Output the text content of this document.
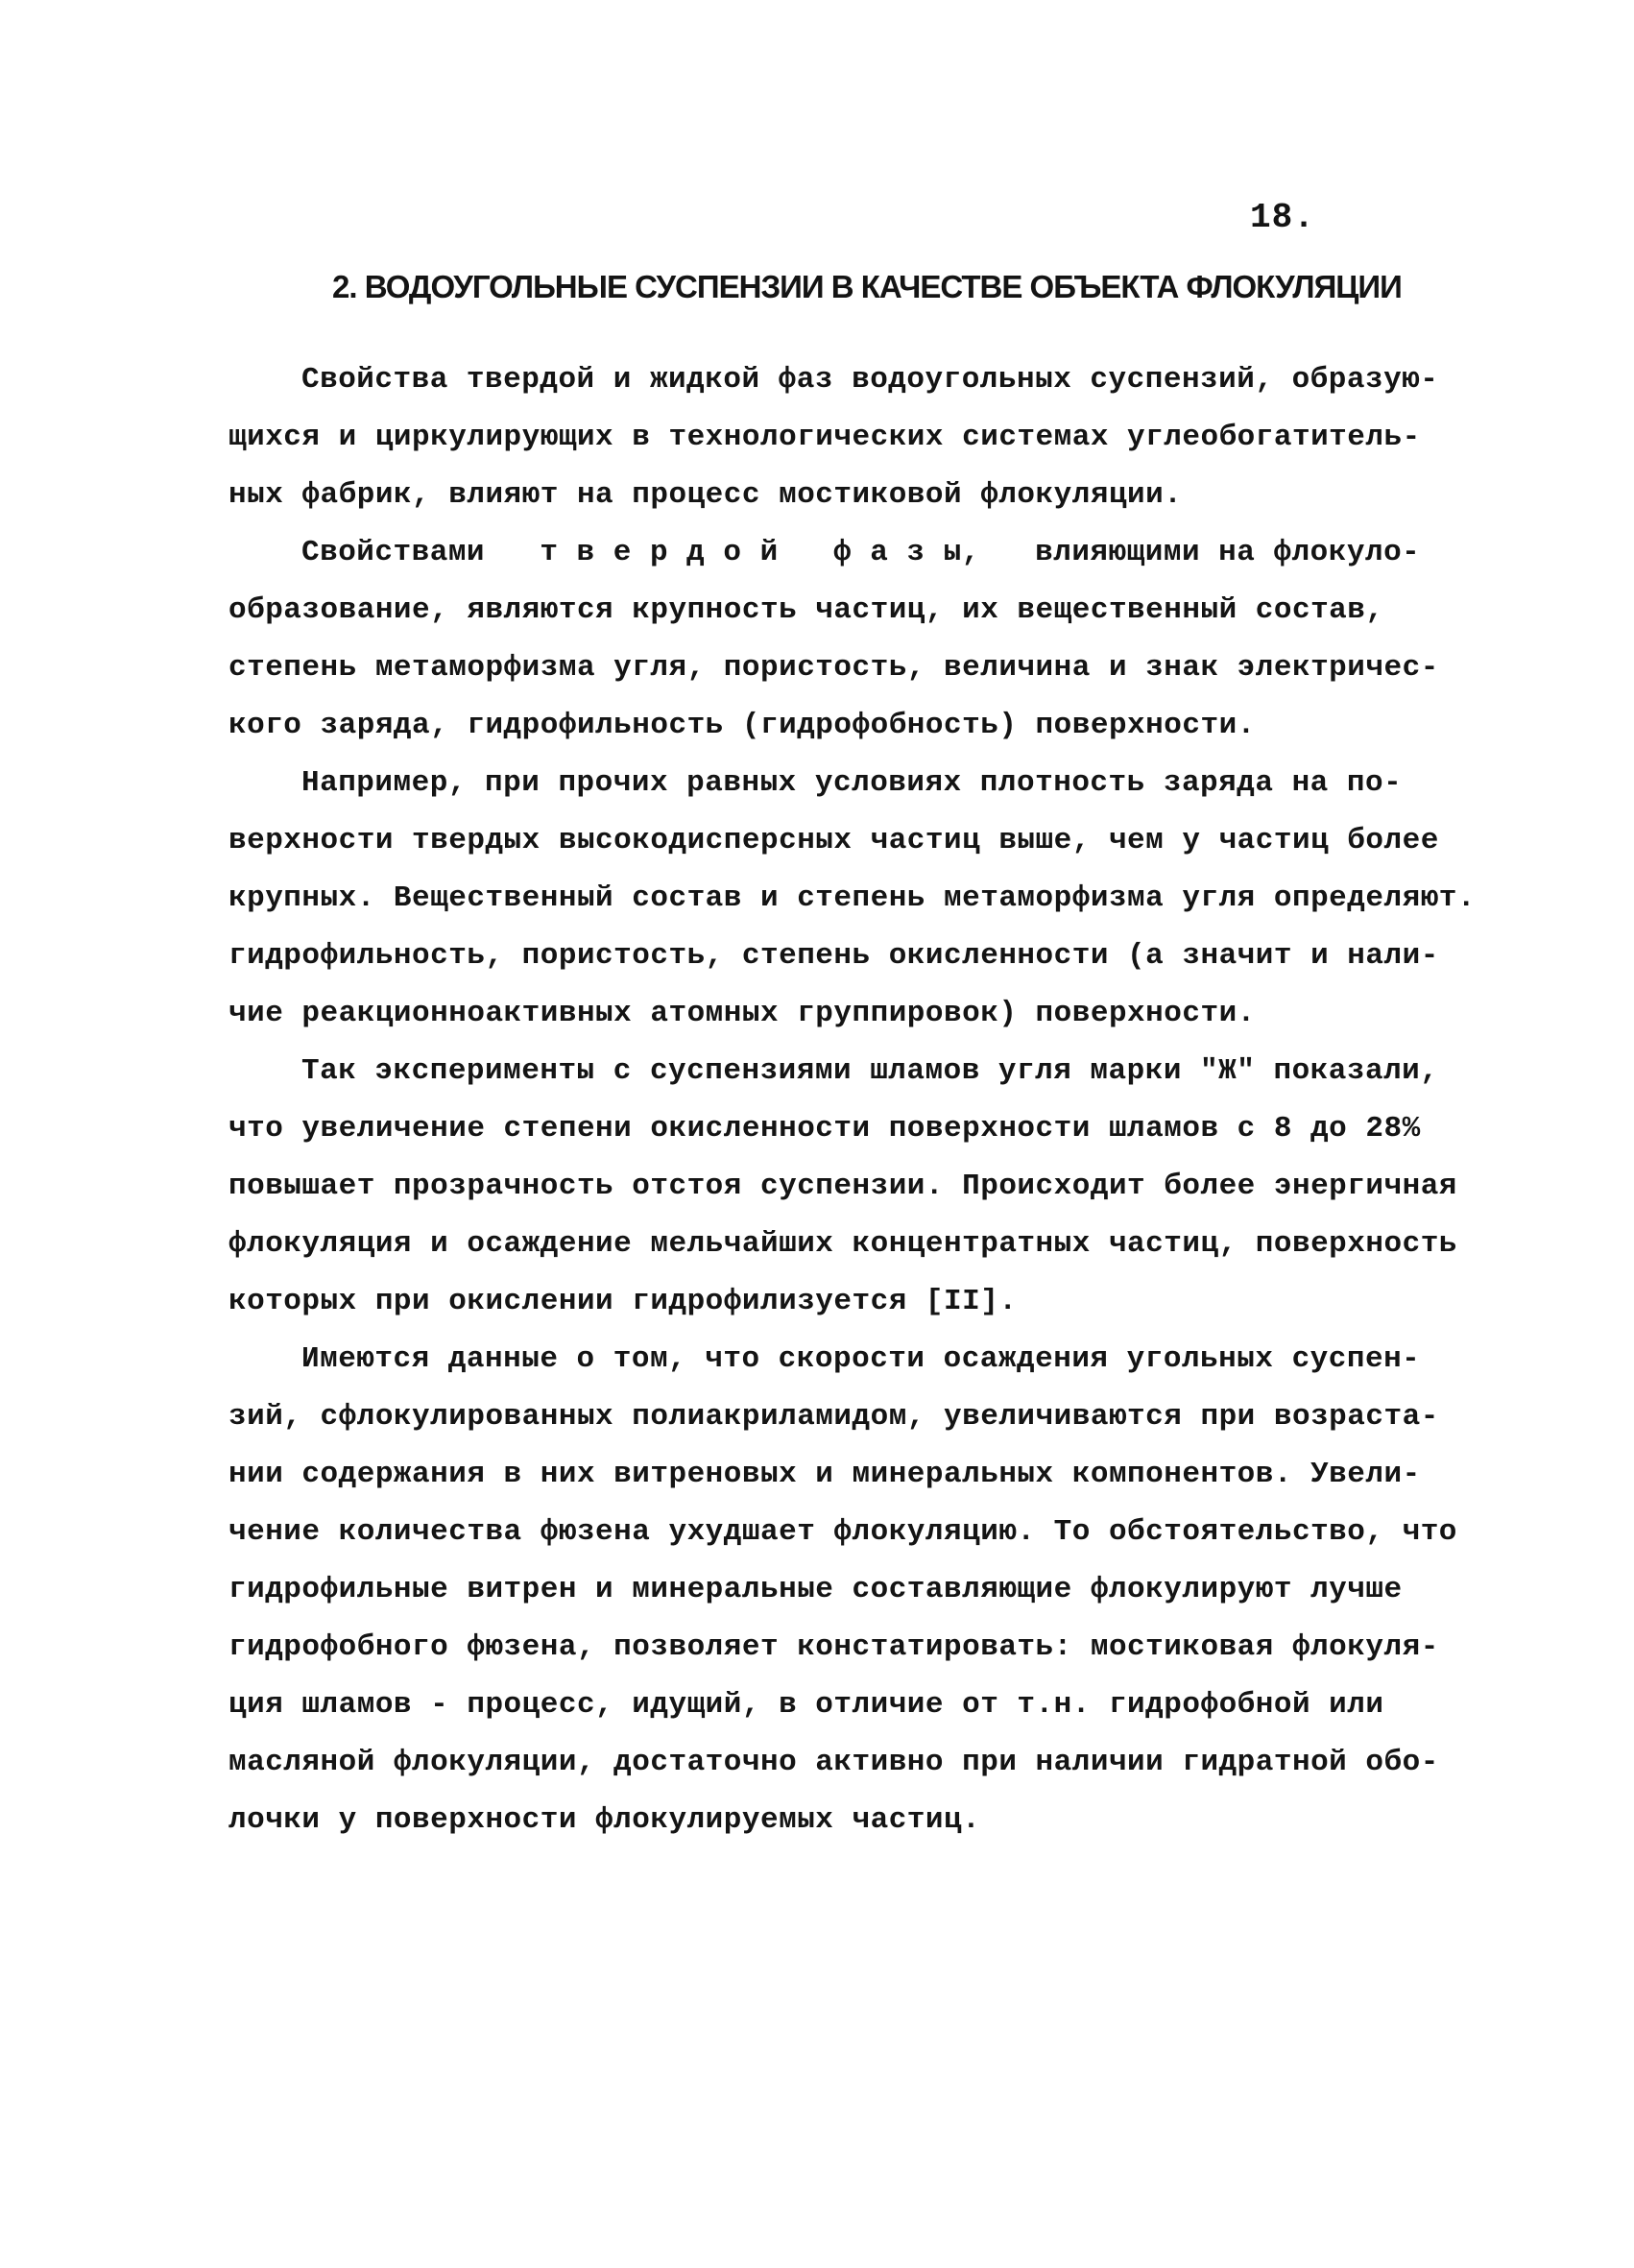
18.
2. ВОДОУГОЛЬНЫЕ СУСПЕНЗИИ В КАЧЕСТВЕ ОБЪЕКТА ФЛОКУЛЯЦИИ
Свойства твердой и жидкой фаз водоугольных суспензий, образую-
щихся и циркулирующих в технологических системах углеобогатитель-
ных фабрик, влияют на процесс мостиковой флокуляции.
Свойствами   т в е р д о й   ф а з ы,   влияющими на флокуло-
образование, являются крупность частиц, их вещественный состав,
степень метаморфизма угля, пористость, величина и знак электричес-
кого заряда, гидрофильность (гидрофобность) поверхности.
Например, при прочих равных условиях плотность заряда на по-
верхности твердых высокодисперсных частиц выше, чем у частиц более
крупных. Вещественный состав и степень метаморфизма угля определяют.
гидрофильность, пористость, степень окисленности (а значит и нали-
чие реакционноактивных атомных группировок) поверхности.
Так эксперименты с суспензиями шламов угля марки "Ж" показали,
что увеличение степени окисленности поверхности шламов с 8 до 28%
повышает прозрачность отстоя суспензии. Происходит более энергичная
флокуляция и осаждение мельчайших концентратных частиц, поверхность
которых при окислении гидрофилизуется [II].
Имеются данные о том, что скорости осаждения угольных суспен-
зий, сфлокулированных полиакриламидом, увеличиваются при возраста-
нии содержания в них витреновых и минеральных компонентов. Увели-
чение количества фюзена ухудшает флокуляцию. То обстоятельство, что
гидрофильные витрен и минеральные составляющие флокулируют лучше
гидрофобного фюзена, позволяет констатировать: мостиковая флокуля-
ция шламов - процесс, идущий, в отличие от т.н. гидрофобной или
масляной флокуляции, достаточно активно при наличии гидратной обо-
лочки у поверхности флокулируемых частиц.
